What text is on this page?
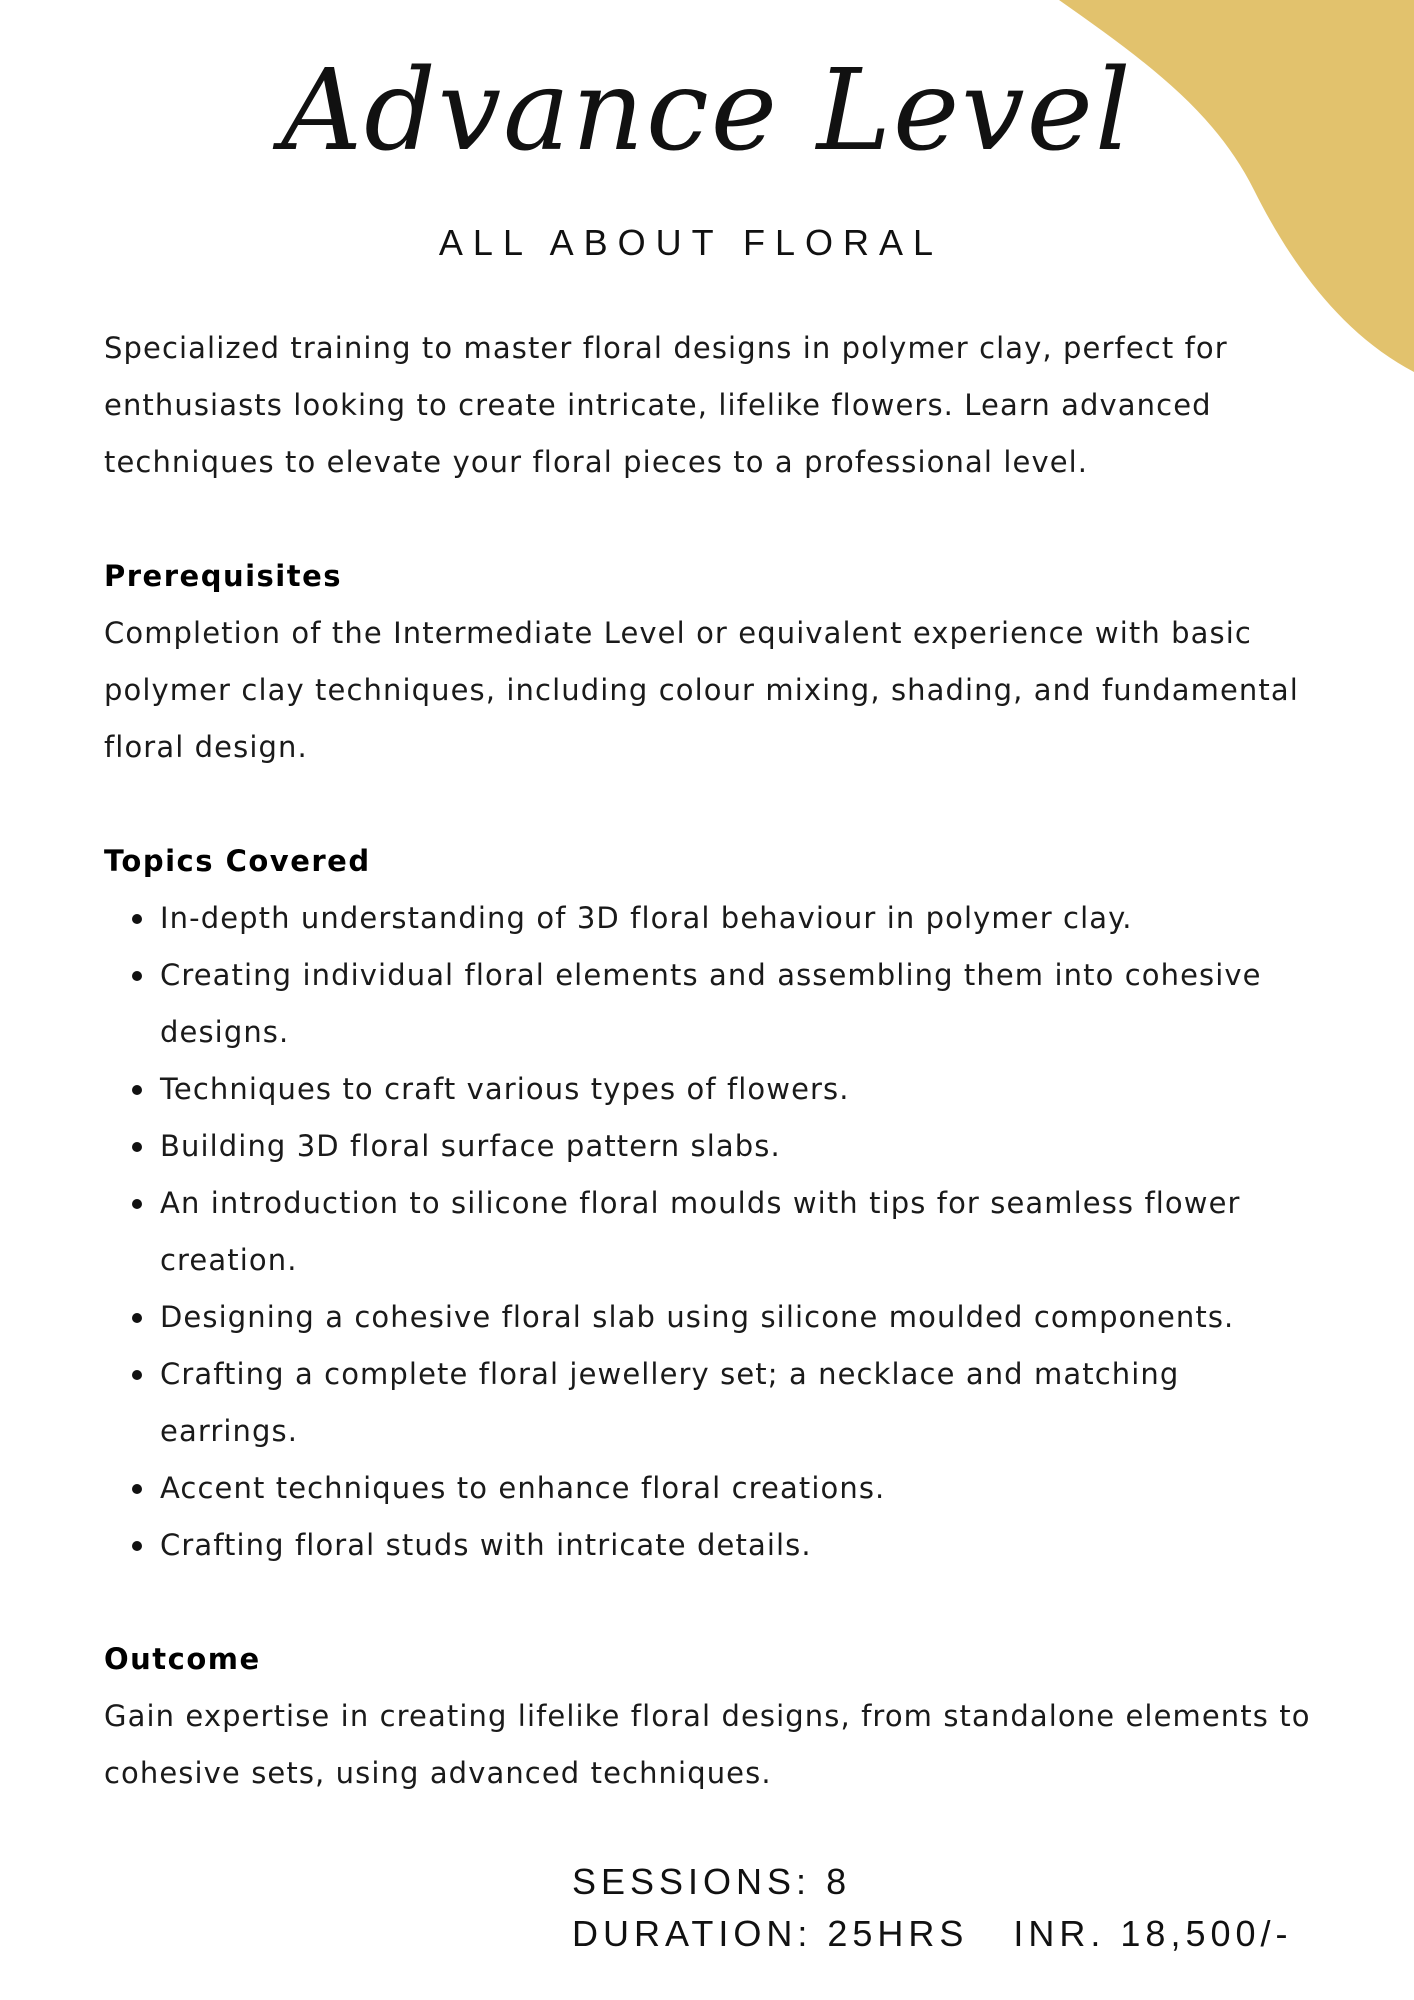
Advance Level
ALL ABOUT FLORAL

Specialized training to master floral designs in polymer clay, perfect for enthusiasts looking to create intricate, lifelike flowers. Learn advanced techniques to elevate your floral pieces to a professional level.

Prerequisites

Completion of the Intermediate Level or equivalent experience with basic polymer clay techniques, including colour mixing, shading, and fundamental floral design.

Topics Covered

In-depth understanding of 3D floral behaviour in polymer clay.
Creating individual floral elements and assembling them into cohesive designs.
Techniques to craft various types of flowers.
Building 3D floral surface pattern slabs.
An introduction to silicone floral moulds with tips for seamless flower creation.
Designing a cohesive floral slab using silicone moulded components.
Crafting a complete floral jewellery set; a necklace and matching earrings.
Accent techniques to enhance floral creations.
Crafting floral studs with intricate details.

Outcome

Gain expertise in creating lifelike floral designs, from standalone elements to cohesive sets, using advanced techniques.

SESSIONS: 8
DURATION: 25HRS INR. 18,500/-
